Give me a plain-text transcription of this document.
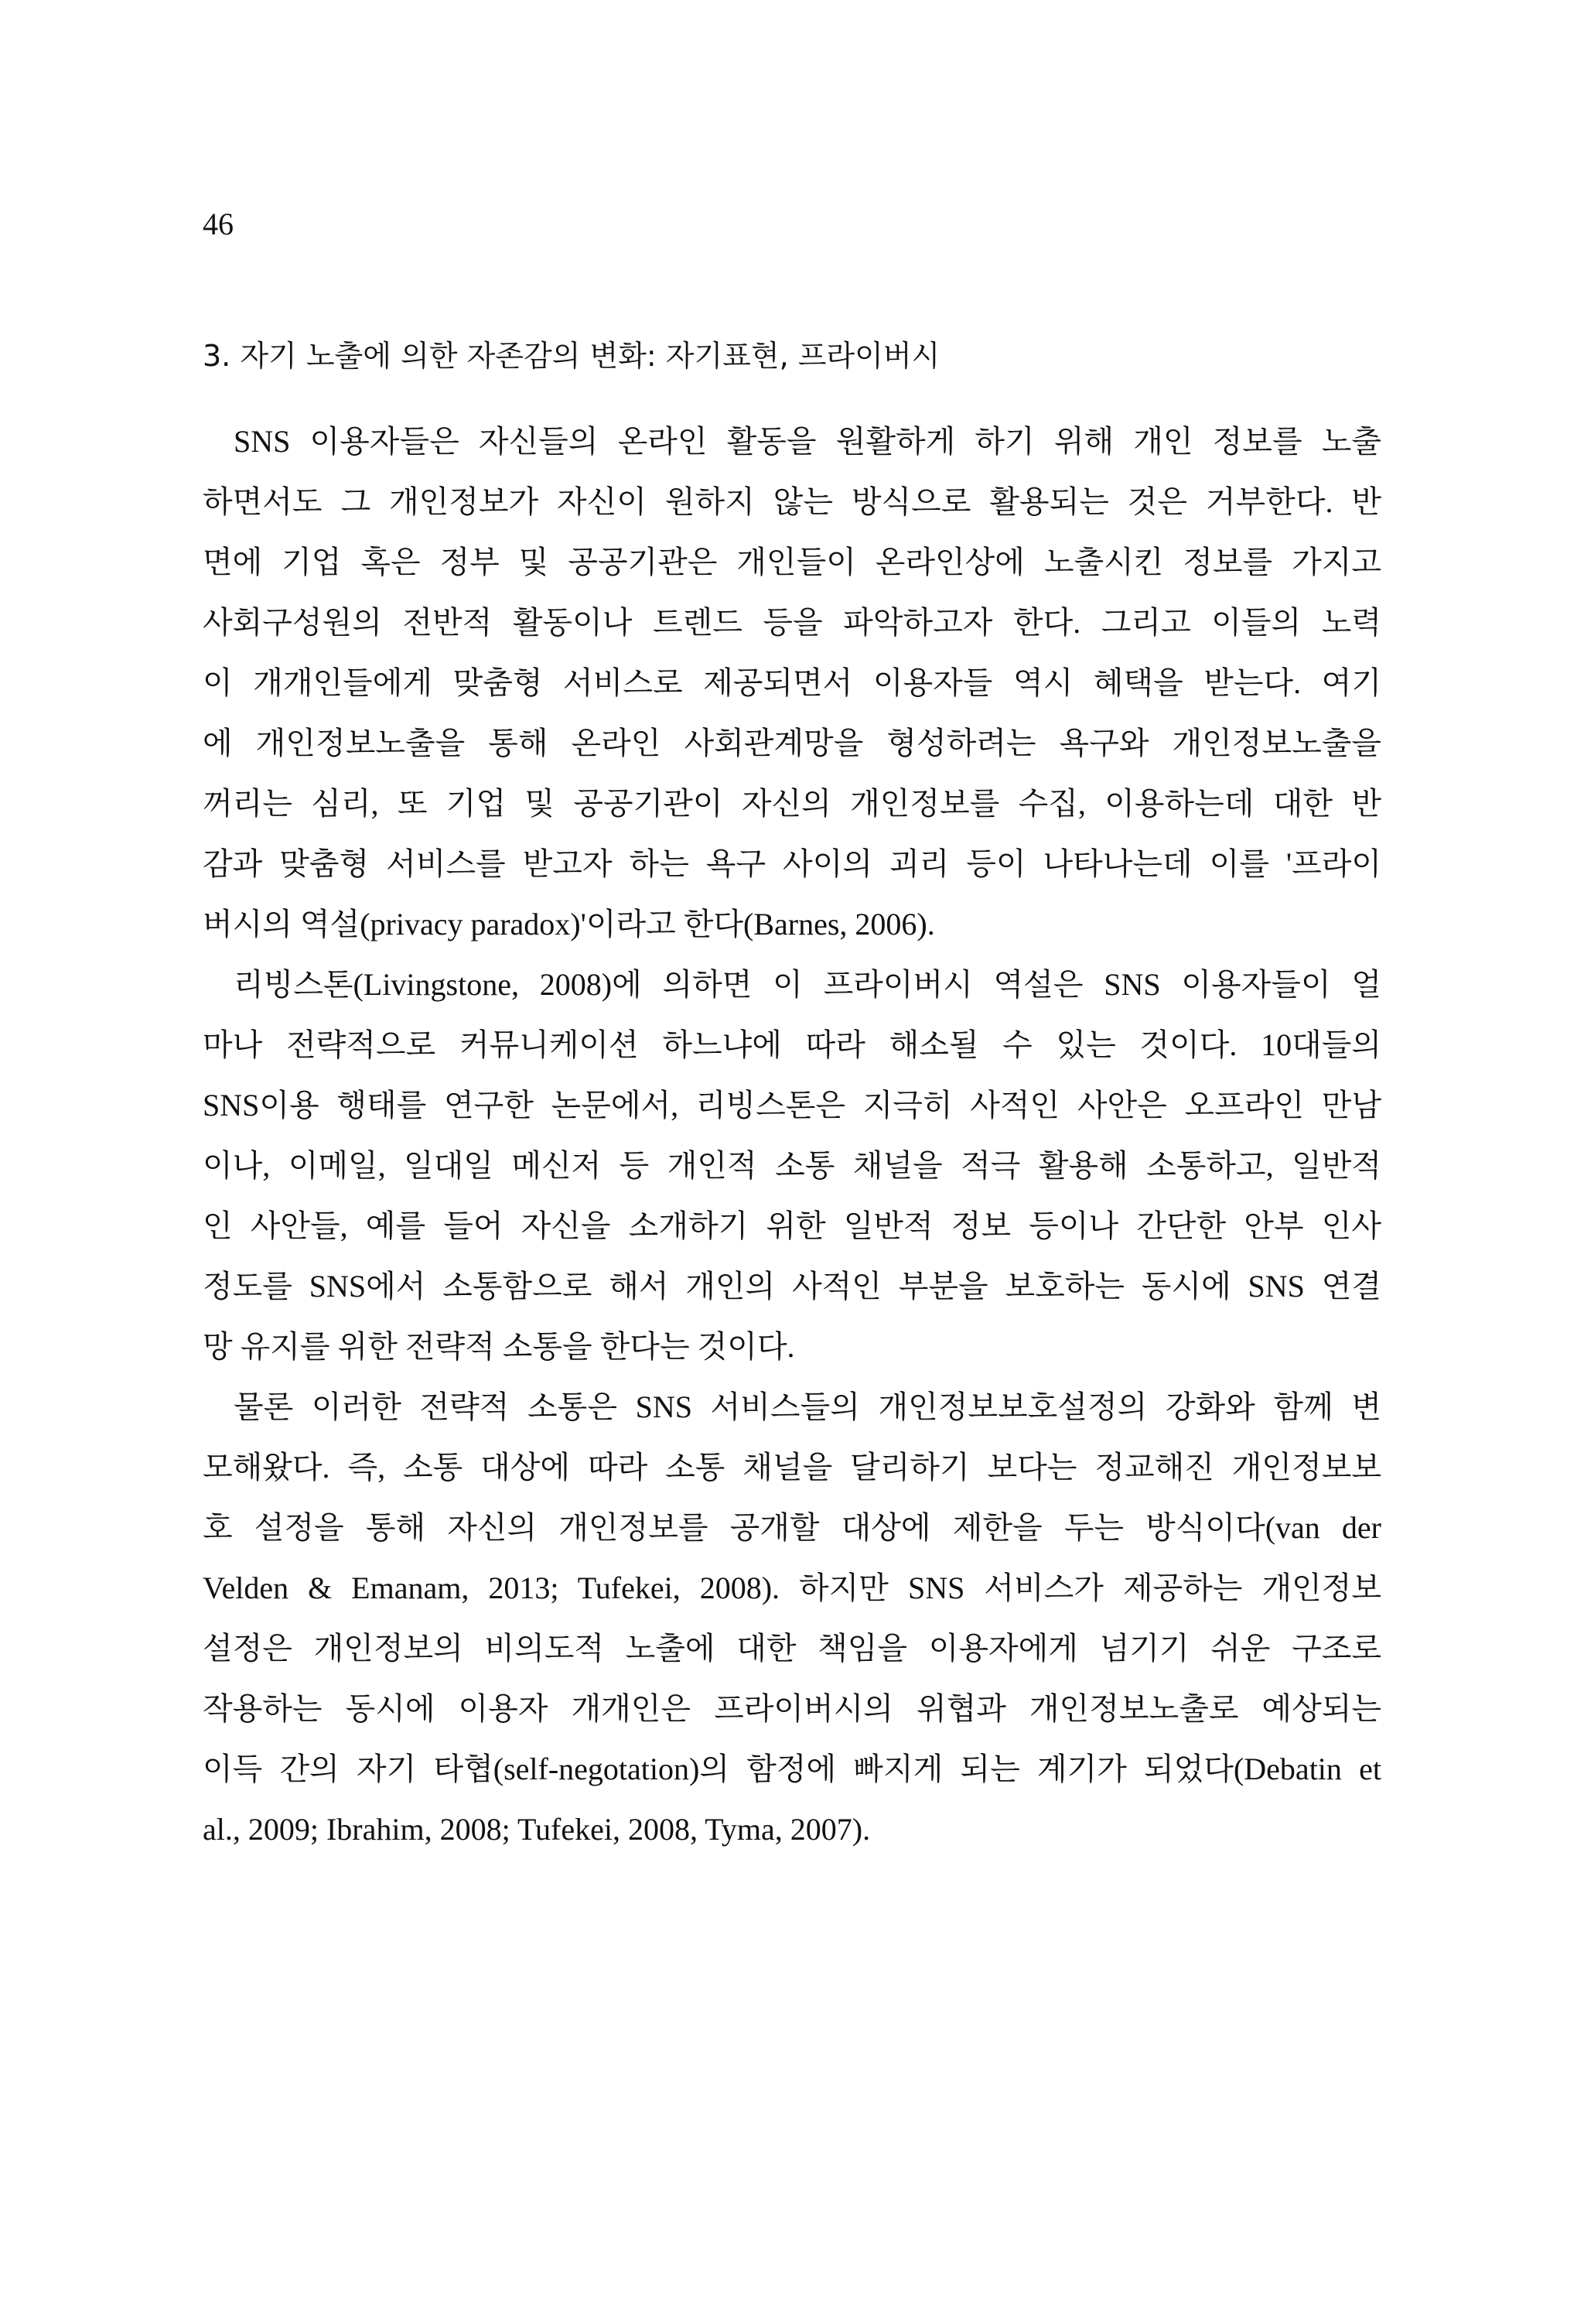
46
3. 자기 노출에 의한 자존감의 변화: 자기표현, 프라이버시
SNS 이용자들은 자신들의 온라인 활동을 원활하게 하기 위해 개인 정보를 노출
하면서도 그 개인정보가 자신이 원하지 않는 방식으로 활용되는 것은 거부한다. 반
면에 기업 혹은 정부 및 공공기관은 개인들이 온라인상에 노출시킨 정보를 가지고
사회구성원의 전반적 활동이나 트렌드 등을 파악하고자 한다. 그리고 이들의 노력
이 개개인들에게 맞춤형 서비스로 제공되면서 이용자들 역시 혜택을 받는다. 여기
에 개인정보노출을 통해 온라인 사회관계망을 형성하려는 욕구와 개인정보노출을
꺼리는 심리, 또 기업 및 공공기관이 자신의 개인정보를 수집, 이용하는데 대한 반
감과 맞춤형 서비스를 받고자 하는 욕구 사이의 괴리 등이 나타나는데 이를 '프라이
버시의 역설(privacy paradox)'이라고 한다(Barnes, 2006).
리빙스톤(Livingstone, 2008)에 의하면 이 프라이버시 역설은 SNS 이용자들이 얼
마나 전략적으로 커뮤니케이션 하느냐에 따라 해소될 수 있는 것이다. 10대들의
SNS이용 행태를 연구한 논문에서, 리빙스톤은 지극히 사적인 사안은 오프라인 만남
이나, 이메일, 일대일 메신저 등 개인적 소통 채널을 적극 활용해 소통하고, 일반적
인 사안들, 예를 들어 자신을 소개하기 위한 일반적 정보 등이나 간단한 안부 인사
정도를 SNS에서 소통함으로 해서 개인의 사적인 부분을 보호하는 동시에 SNS 연결
망 유지를 위한 전략적 소통을 한다는 것이다.
물론 이러한 전략적 소통은 SNS 서비스들의 개인정보보호설정의 강화와 함께 변
모해왔다. 즉, 소통 대상에 따라 소통 채널을 달리하기 보다는 정교해진 개인정보보
호 설정을 통해 자신의 개인정보를 공개할 대상에 제한을 두는 방식이다(van der
Velden & Emanam, 2013; Tufekei, 2008). 하지만 SNS 서비스가 제공하는 개인정보
설정은 개인정보의 비의도적 노출에 대한 책임을 이용자에게 넘기기 쉬운 구조로
작용하는 동시에 이용자 개개인은 프라이버시의 위협과 개인정보노출로 예상되는
이득 간의 자기 타협(self-negotation)의 함정에 빠지게 되는 계기가 되었다(Debatin et
al., 2009; Ibrahim, 2008; Tufekei, 2008, Tyma, 2007).
